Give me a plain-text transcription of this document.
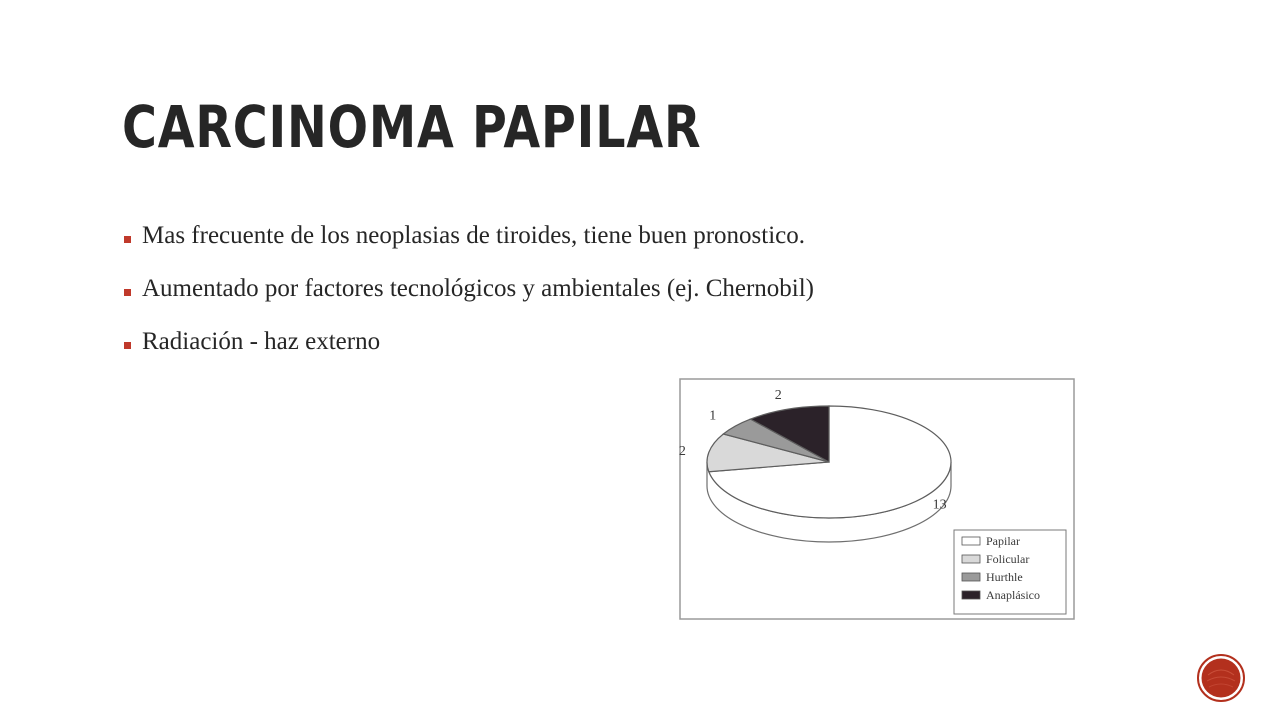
CARCINOMA PAPILAR
Mas frecuente de los neoplasias de tiroides, tiene buen pronostico.
Aumentado por factores tecnológicos y ambientales (ej. Chernobil)
Radiación - haz externo
13
2
1
2
Papilar
Folicular
Hurthle
Anaplásico
